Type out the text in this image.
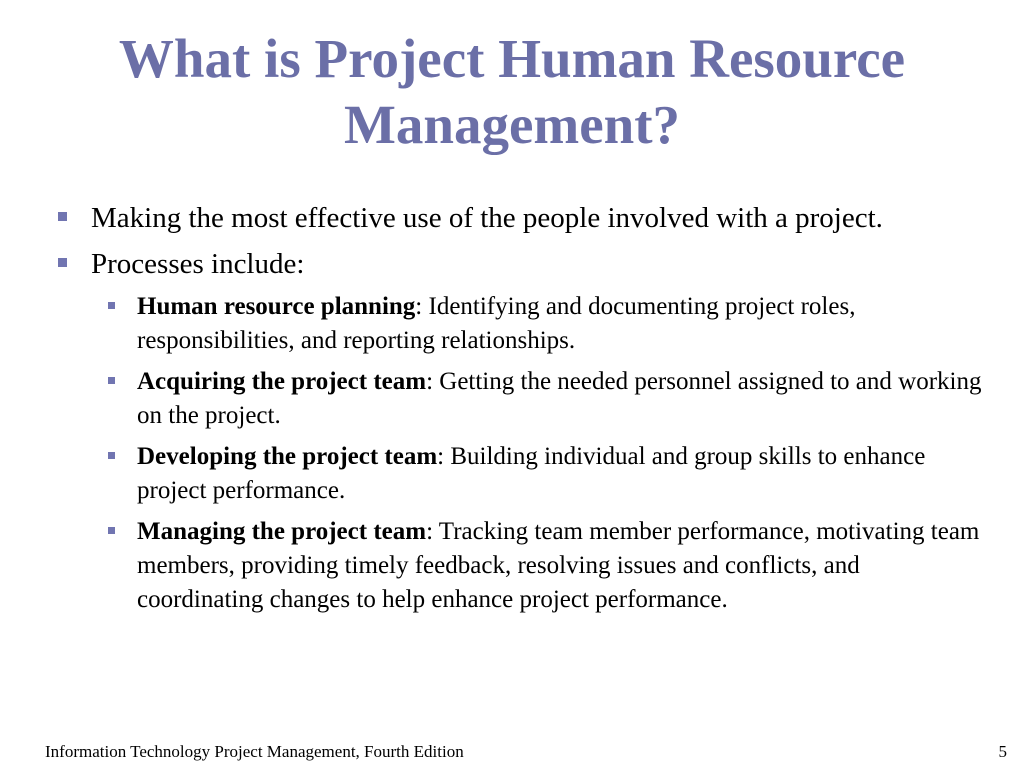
What is Project Human Resource Management?
Making the most effective use of the people involved with a project.
Processes include:
Human resource planning: Identifying and documenting project roles, responsibilities, and reporting relationships.
Acquiring the project team: Getting the needed personnel assigned to and working on the project.
Developing the project team: Building individual and group skills to enhance project performance.
Managing the project team: Tracking team member performance, motivating team members, providing timely feedback, resolving issues and conflicts, and coordinating changes to help enhance project performance.
Information Technology Project Management, Fourth Edition	5
